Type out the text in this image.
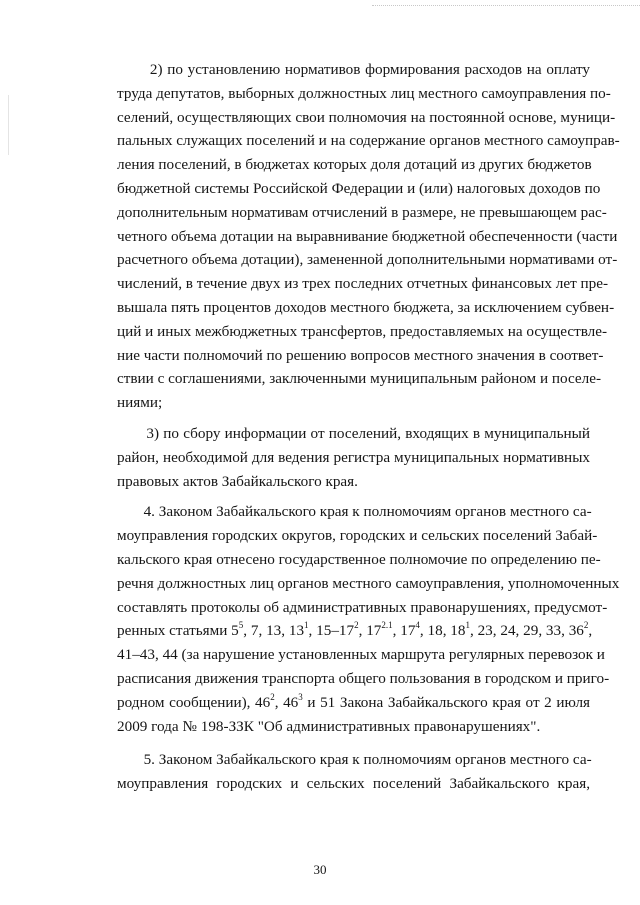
2) по установлению нормативов формирования расходов на оплату
труда депутатов, выборных должностных лиц местного самоуправления по-
селений, осуществляющих свои полномочия на постоянной основе, муници-
пальных служащих поселений и на содержание органов местного самоуправ-
ления поселений, в бюджетах которых доля дотаций из других бюджетов
бюджетной системы Российской Федерации и (или) налоговых доходов по
дополнительным нормативам отчислений в размере, не превышающем рас-
четного объема дотации на выравнивание бюджетной обеспеченности (части
расчетного объема дотации), замененной дополнительными нормативами от-
числений, в течение двух из трех последних отчетных финансовых лет пре-
вышала пять процентов доходов местного бюджета, за исключением субвен-
ций и иных межбюджетных трансфертов, предоставляемых на осуществле-
ние части полномочий по решению вопросов местного значения в соответ-
ствии с соглашениями, заключенными муниципальным районом и поселе-
ниями;
3) по сбору информации от поселений, входящих в муниципальный
район, необходимой для ведения регистра муниципальных нормативных
правовых актов Забайкальского края.
4. Законом Забайкальского края к полномочиям органов местного са-
моуправления городских округов, городских и сельских поселений Забай-
кальского края отнесено государственное полномочие по определению пе-
речня должностных лиц органов местного самоуправления, уполномоченных
составлять протоколы об административных правонарушениях, предусмот-
ренных статьями $5^5$, 7, 13, $13^1$, $15-17^2$, $17^{2.1}$, $17^4$, 18, $18^1$, 23, 24, 29, 33, $36^2$,
41–43, 44 (за нарушение установленных маршрута регулярных перевозок и
расписания движения транспорта общего пользования в городском и приго-
родном сообщении), $46^2$, $46^3$ и 51 Закона Забайкальского края от 2 июля
2009 года № 198-ЗЗК "Об административных правонарушениях".
5. Законом Забайкальского края к полномочиям органов местного са-
моуправления городских и сельских поселений Забайкальского края,
30
